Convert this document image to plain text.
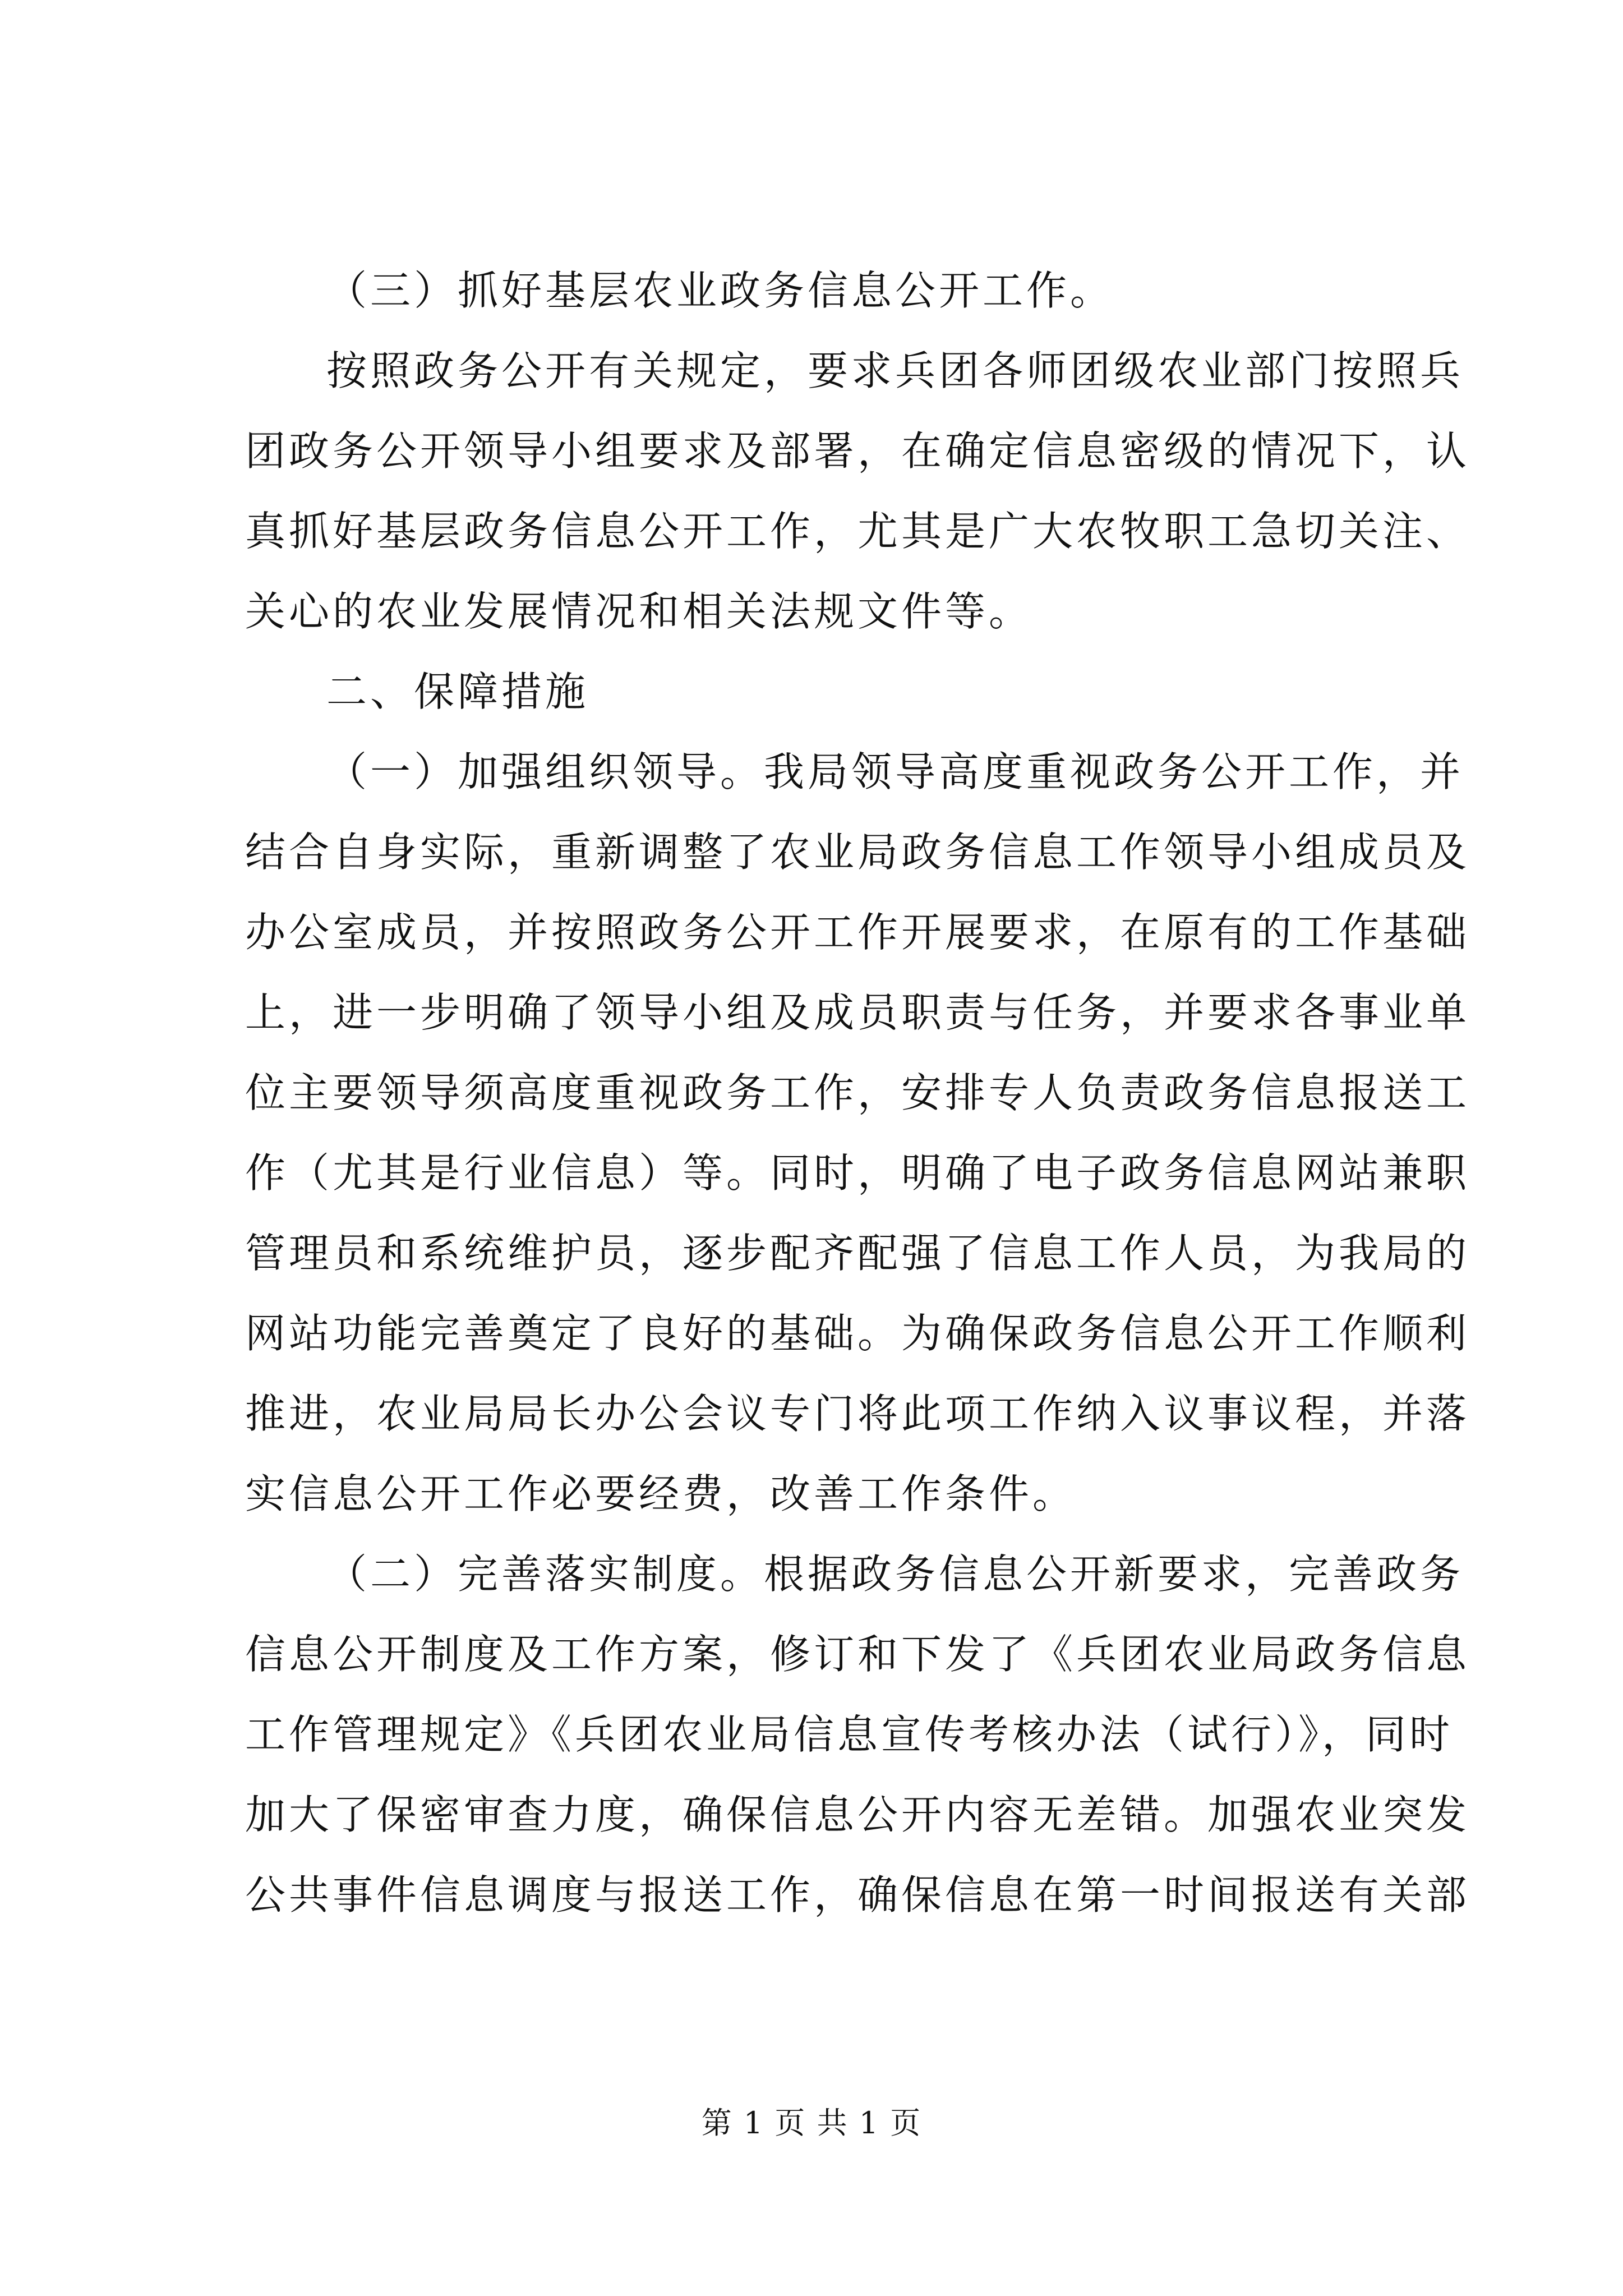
（三）抓好基层农业政务信息公开工作。
按照政务公开有关规定，要求兵团各师团级农业部门按照兵
团政务公开领导小组要求及部署，在确定信息密级的情况下，认
真抓好基层政务信息公开工作，尤其是广大农牧职工急切关注、
关心的农业发展情况和相关法规文件等。
二、保障措施
（一）加强组织领导。我局领导高度重视政务公开工作，并
结合自身实际，重新调整了农业局政务信息工作领导小组成员及
办公室成员，并按照政务公开工作开展要求，在原有的工作基础
上，进一步明确了领导小组及成员职责与任务，并要求各事业单
位主要领导须高度重视政务工作，安排专人负责政务信息报送工
作（尤其是行业信息）等。同时，明确了电子政务信息网站兼职
管理员和系统维护员，逐步配齐配强了信息工作人员，为我局的
网站功能完善奠定了良好的基础。为确保政务信息公开工作顺利
推进，农业局局长办公会议专门将此项工作纳入议事议程，并落
实信息公开工作必要经费，改善工作条件。
（二）完善落实制度。根据政务信息公开新要求，完善政务
信息公开制度及工作方案，修订和下发了《兵团农业局政务信息
工作管理规定》《兵团农业局信息宣传考核办法（试行）》，同时
加大了保密审查力度，确保信息公开内容无差错。加强农业突发
公共事件信息调度与报送工作，确保信息在第一时间报送有关部
第 1 页 共 1 页
